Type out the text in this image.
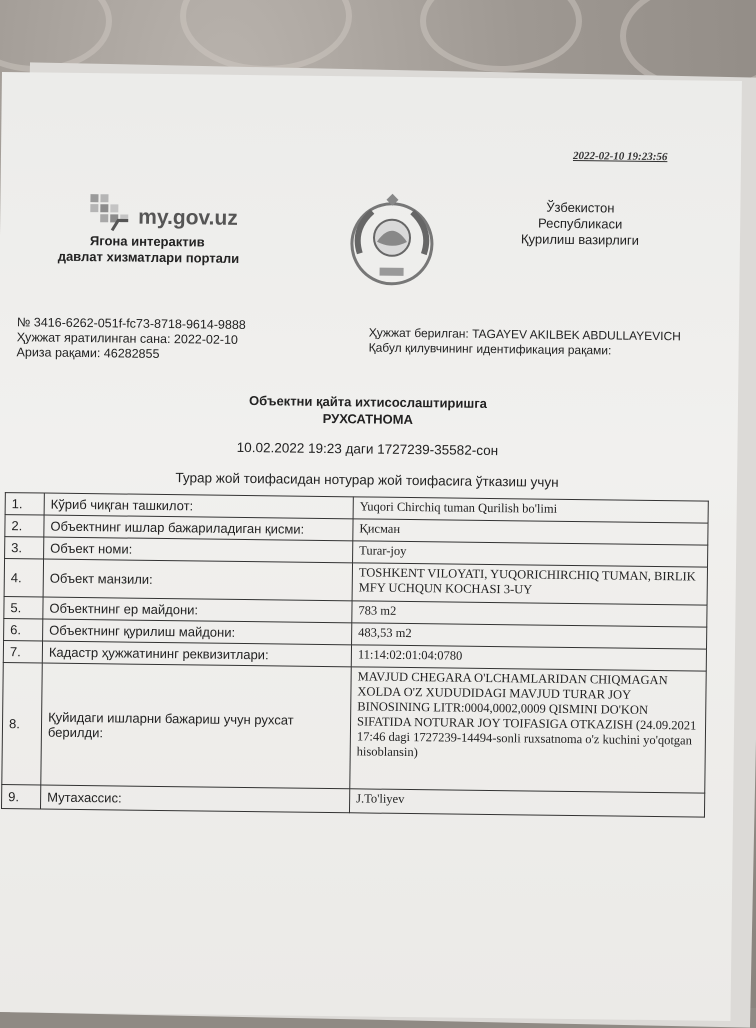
2022-02-10 19:23:56
my.gov.uz
Ягона интерактив
давлат хизматлари портали
Ўзбекистон
Республикаси
Қурилиш вазирлиги
№ 3416-6262-051f-fc73-8718-9614-9888
Ҳужжат яратилинган сана: 2022-02-10
Ариза рақами: 46282855
Ҳужжат берилган: TAGAYEV AKILBEK ABDULLAYEVICH
Қабул қилувчининг идентификация рақами:
Объектни қайта ихтисослаштиришга
РУХСАТНОМА
10.02.2022 19:23 даги 1727239-35582-сон
Турар жой тоифасидан нотурар жой тоифасига ўтказиш учун
1.	Кўриб чиқган ташкилот:	Yuqori Chirchiq tuman Qurilish bo'limi
2.	Объектнинг ишлар бажариладиган қисми:	Қисман
3.	Объект номи:	Turar-joy
4.	Объект манзили:	TOSHKENT VILOYATI, YUQORICHIRCHIQ TUMAN, BIRLIK MFY UCHQUN KOCHASI 3-UY
5.	Объектнинг ер майдони:	783 m2
6.	Объектнинг қурилиш майдони:	483,53 m2
7.	Кадастр ҳужжатининг реквизитлари:	11:14:02:01:04:0780
8.	Қуйидаги ишларни бажариш учун рухсат берилди:	MAVJUD CHEGARA O'LCHAMLARIDAN CHIQMAGAN XOLDA O'Z XUDUDIDAGI MAVJUD TURAR JOY BINOSINING LITR:0004,0002,0009 QISMINI DO'KON SIFATIDA NOTURAR JOY TOIFASIGA OTKAZISH (24.09.2021 17:46 dagi 1727239-14494-sonli ruxsatnoma o'z kuchini yo'qotgan hisoblansin)
9.	Мутахассис:	J.To'liyev
